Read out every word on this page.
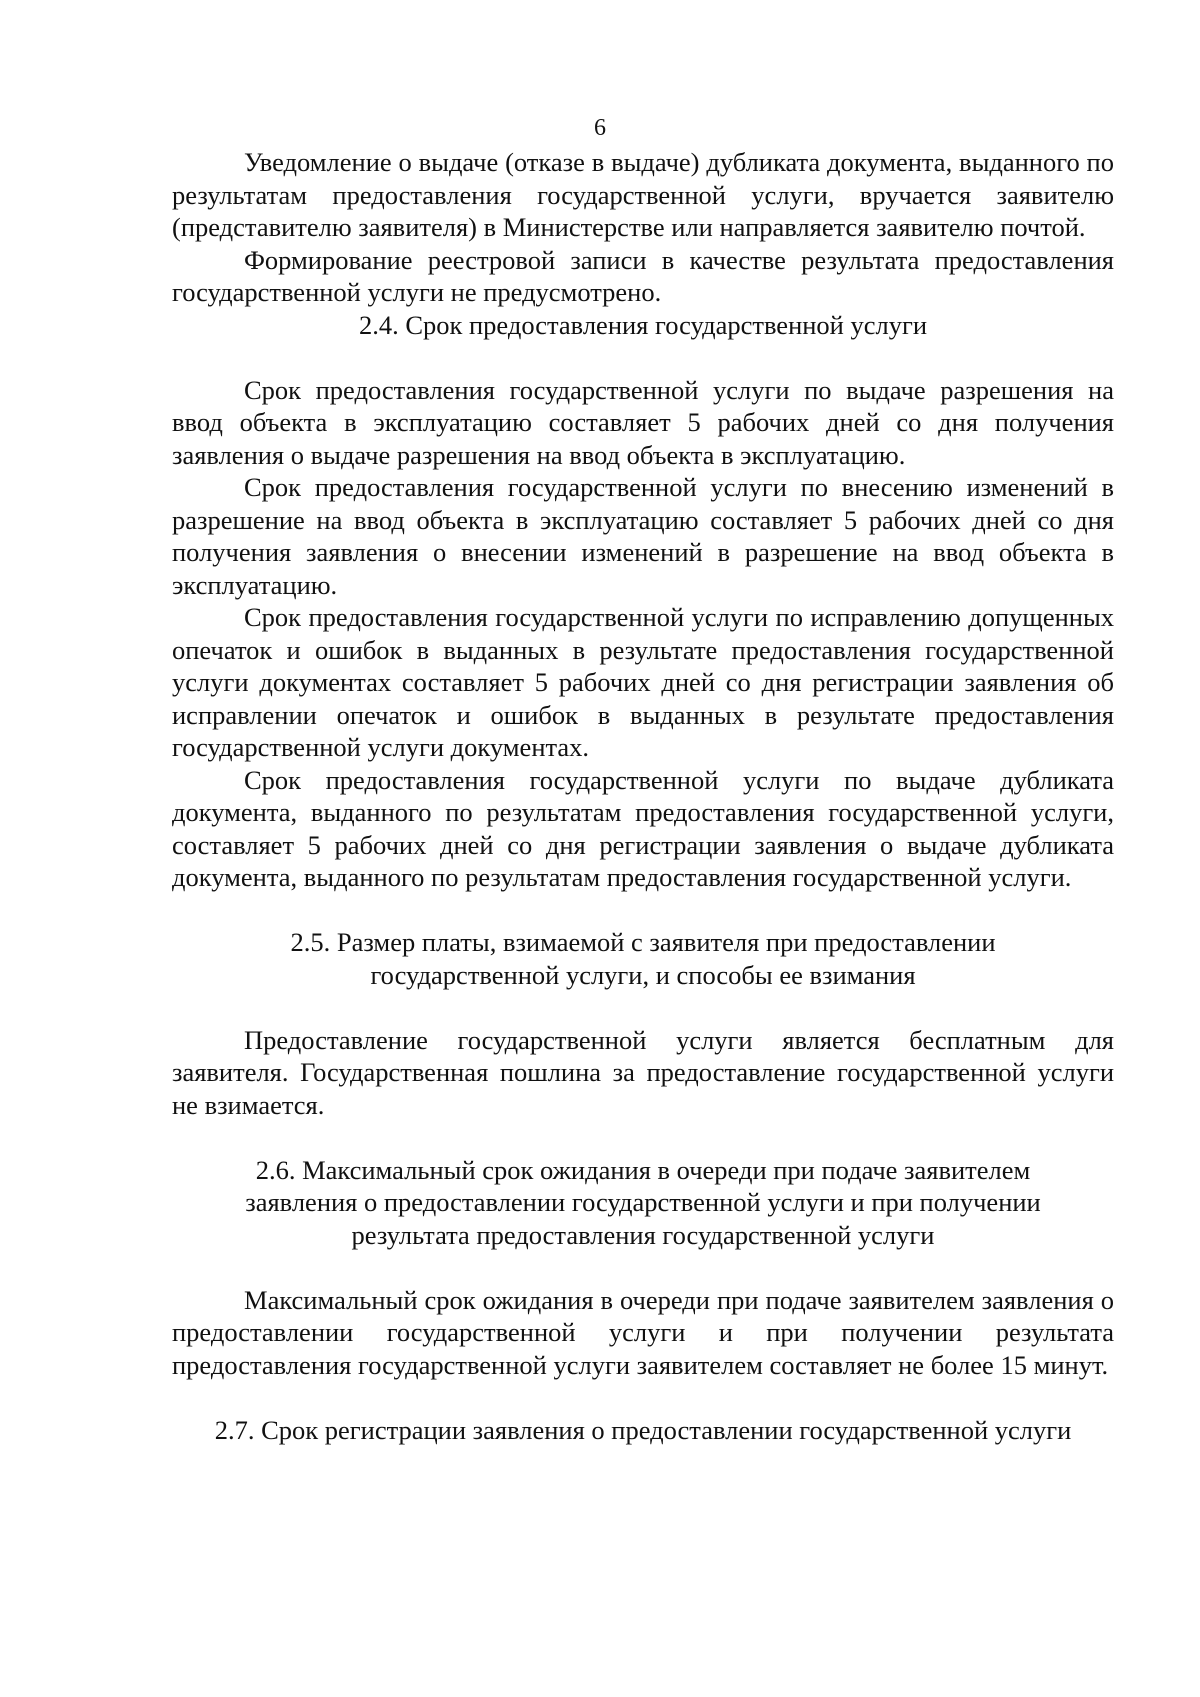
6

Уведомление о выдаче (отказе в выдаче) дубликата документа, выданного по результатам предоставления государственной услуги, вручается заявителю (представителю заявителя) в Министерстве или направляется заявителю почтой.

Формирование реестровой записи в качестве результата предоставления государственной услуги не предусмотрено.

2.4. Срок предоставления государственной услуги

Срок предоставления государственной услуги по выдаче разрешения на ввод объекта в эксплуатацию составляет 5 рабочих дней со дня получения заявления о выдаче разрешения на ввод объекта в эксплуатацию.

Срок предоставления государственной услуги по внесению изменений в разрешение на ввод объекта в эксплуатацию составляет 5 рабочих дней со дня получения заявления о внесении изменений в разрешение на ввод объекта в эксплуатацию.

Срок предоставления государственной услуги по исправлению допущенных опечаток и ошибок в выданных в результате предоставления государственной услуги документах составляет 5 рабочих дней со дня регистрации заявления об исправлении опечаток и ошибок в выданных в результате предоставления государственной услуги документах.

Срок предоставления государственной услуги по выдаче дубликата документа, выданного по результатам предоставления государственной услуги, составляет 5 рабочих дней со дня регистрации заявления о выдаче дубликата документа, выданного по результатам предоставления государственной услуги.

2.5. Размер платы, взимаемой с заявителя при предоставлении
государственной услуги, и способы ее взимания

Предоставление государственной услуги является бесплатным для заявителя. Государственная пошлина за предоставление государственной услуги не взимается.

2.6. Максимальный срок ожидания в очереди при подаче заявителем
заявления о предоставлении государственной услуги и при получении
результата предоставления государственной услуги

Максимальный срок ожидания в очереди при подаче заявителем заявления о предоставлении государственной услуги и при получении результата предоставления государственной услуги заявителем составляет не более 15 минут.

2.7. Срок регистрации заявления о предоставлении государственной услуги
